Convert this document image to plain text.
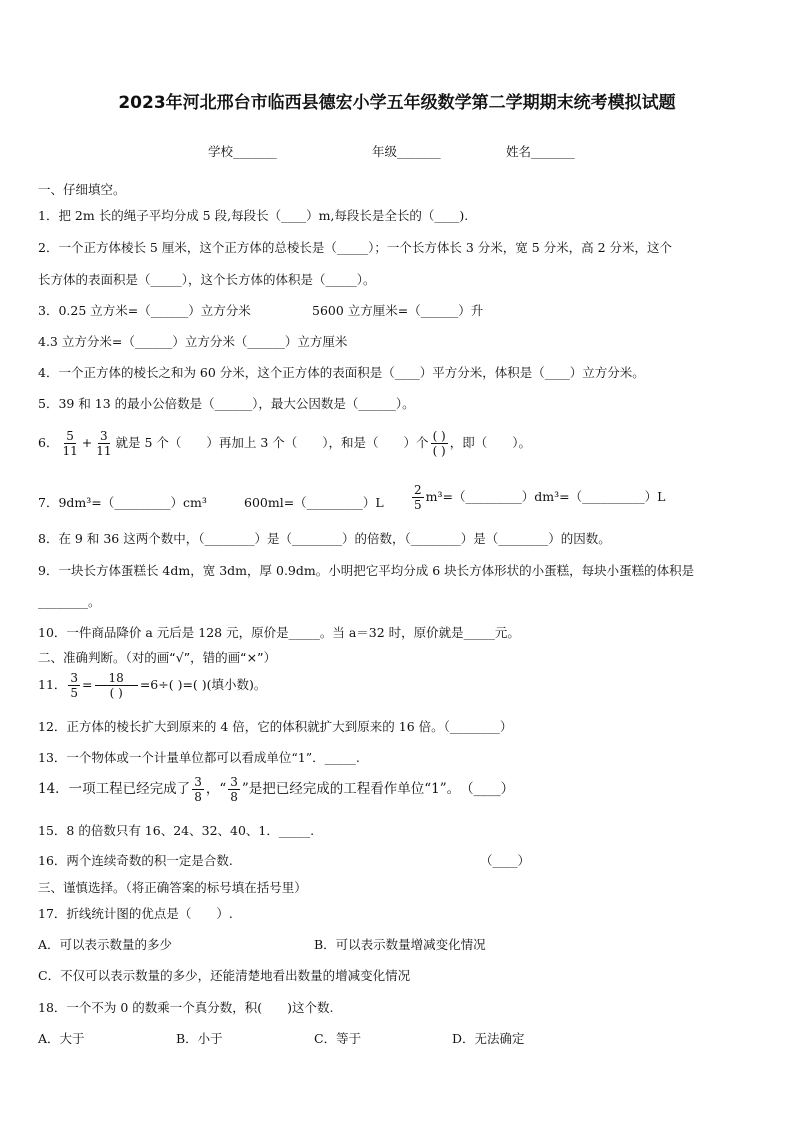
2023年河北邢台市临西县德宏小学五年级数学第二学期期末统考模拟试题
学校_______	年级_______	姓名_______
一、仔细填空。
1．把 2m 长的绳子平均分成 5 段,每段长（____）m,每段长是全长的（____).
2．一个正方体棱长 5 厘米，这个正方体的总棱长是（_____）；一个长方体长 3 分米，宽 5 分米，高 2 分米，这个
长方体的表面积是（_____），这个长方体的体积是（_____）。
3．0.25 立方米=（______）立方分米	5600 立方厘米=（______）升
4.3 立方分米=（______）立方分米（______）立方厘米
4．一个正方体的棱长之和为 60 分米，这个正方体的表面积是（____）平方分米，体积是（____）立方分米。
5．39 和 13 的最小公倍数是（______），最大公因数是（______）。
6． $\frac{5}{11} + \frac{3}{11}$ 就是 5 个（　　）再加上 3 个（　　），和是（　　）个 ( )
( )
，即（　　）。
7．9dm³=（_________）cm³	600ml=（_________）L $\frac{2}{5}$ m³=（_________）dm³=（__________）L
8．在 9 和 36 这两个数中，（________）是（________）的倍数，（________）是（________）的因数。
9．一块长方体蛋糕长 4dm，宽 3dm，厚 0.9dm。小明把它平均分成 6 块长方体形状的小蛋糕，每块小蛋糕的体积是
________。
10．一件商品降价 a 元后是 128 元，原价是_____。当 a＝32 时，原价就是_____元。
二、准确判断。（对的画“√”，错的画“×”）
11． $\frac{3}{5}$ =	18
( )
=6÷( )=( )(填小数)。
12．正方体的棱长扩大到原来的 4 倍，它的体积就扩大到原来的 16 倍。（________）
13．一个物体或一个计量单位都可以看成单位“1”．_____.
14．一项工程已经完成了 $\frac{3}{8}$ ，“ $\frac{3}{8}$ ”是把已经完成的工程看作单位“1”。　（____）
15．8 的倍数只有 16、24、32、40、1．_____.
16．两个连续奇数的积一定是合数.	（____）
三、谨慎选择。（将正确答案的标号填在括号里）
17．折线统计图的优点是（　　）.
A．可以表示数量的多少	B．可以表示数量增减变化情况
C．不仅可以表示数量的多少，还能清楚地看出数量的增减变化情况
18．一个不为 0 的数乘一个真分数，积(　　)这个数.
A．大于	B．小于	C．等于	D．无法确定
